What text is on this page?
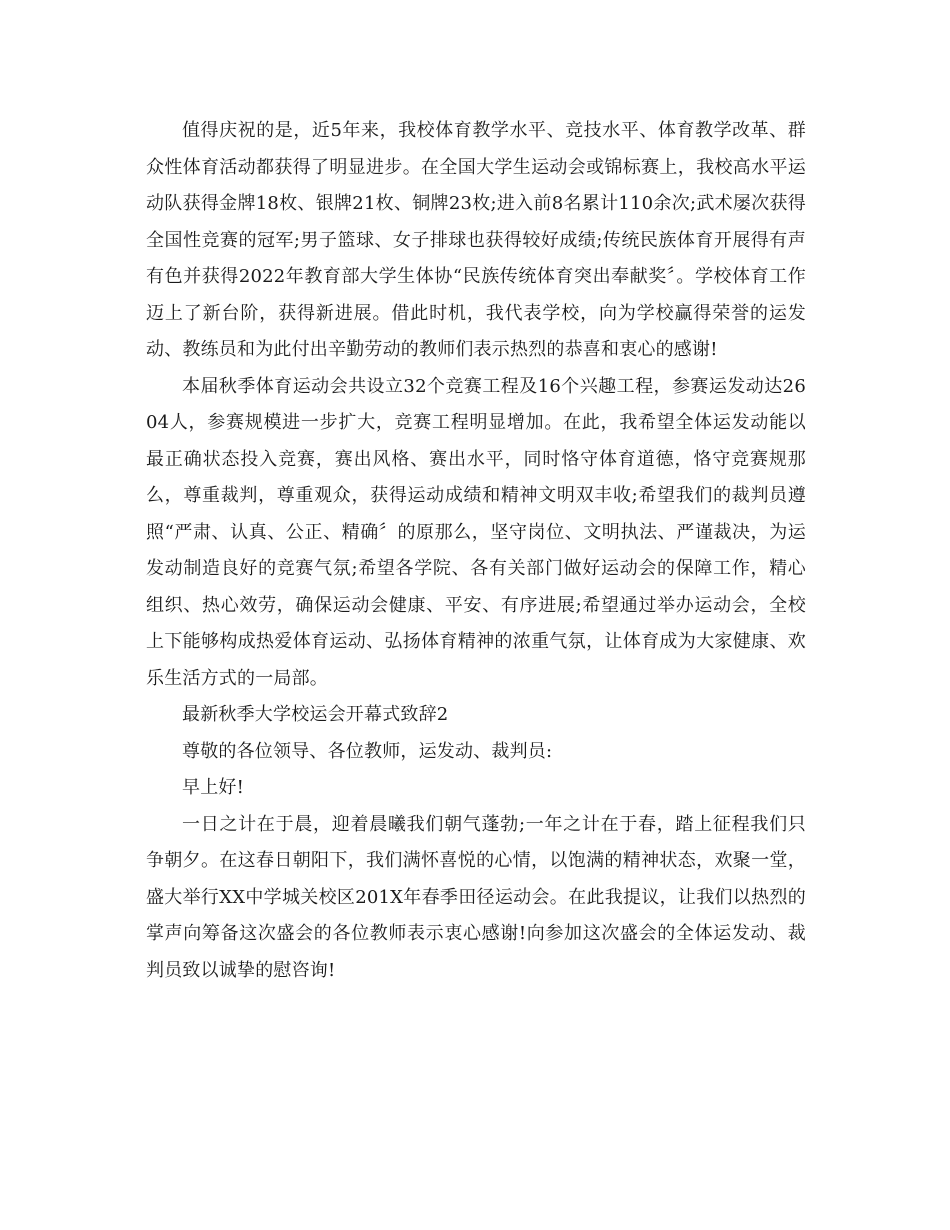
值得庆祝的是，近5年来，我校体育教学水平、竞技水平、体育教学改革、群众性体育活动都获得了明显进步。在全国大学生运动会或锦标赛上，我校高水平运动队获得金牌18枚、银牌21枚、铜牌23枚;进入前8名累计110余次;武术屡次获得全国性竞赛的冠军;男子篮球、女子排球也获得较好成绩;传统民族体育开展得有声有色并获得2022年教育部大学生体协“民族传统体育突出奉献奖〞。学校体育工作迈上了新台阶，获得新进展。借此时机，我代表学校，向为学校赢得荣誉的运发动、教练员和为此付出辛勤劳动的教师们表示热烈的恭喜和衷心的感谢!

本届秋季体育运动会共设立32个竞赛工程及16个兴趣工程，参赛运发动达2604人，参赛规模进一步扩大，竞赛工程明显增加。在此，我希望全体运发动能以最正确状态投入竞赛，赛出风格、赛出水平，同时恪守体育道德，恪守竞赛规那么，尊重裁判，尊重观众，获得运动成绩和精神文明双丰收;希望我们的裁判员遵照“严肃、认真、公正、精确〞的原那么，坚守岗位、文明执法、严谨裁决，为运发动制造良好的竞赛气氛;希望各学院、各有关部门做好运动会的保障工作，精心组织、热心效劳，确保运动会健康、平安、有序进展;希望通过举办运动会，全校上下能够构成热爱体育运动、弘扬体育精神的浓重气氛，让体育成为大家健康、欢乐生活方式的一局部。

最新秋季大学校运会开幕式致辞2

尊敬的各位领导、各位教师，运发动、裁判员:

早上好!

一日之计在于晨，迎着晨曦我们朝气蓬勃;一年之计在于春，踏上征程我们只争朝夕。在这春日朝阳下，我们满怀喜悦的心情，以饱满的精神状态，欢聚一堂，盛大举行XX中学城关校区201X年春季田径运动会。在此我提议，让我们以热烈的掌声向筹备这次盛会的各位教师表示衷心感谢!向参加这次盛会的全体运发动、裁判员致以诚挚的慰咨询!
